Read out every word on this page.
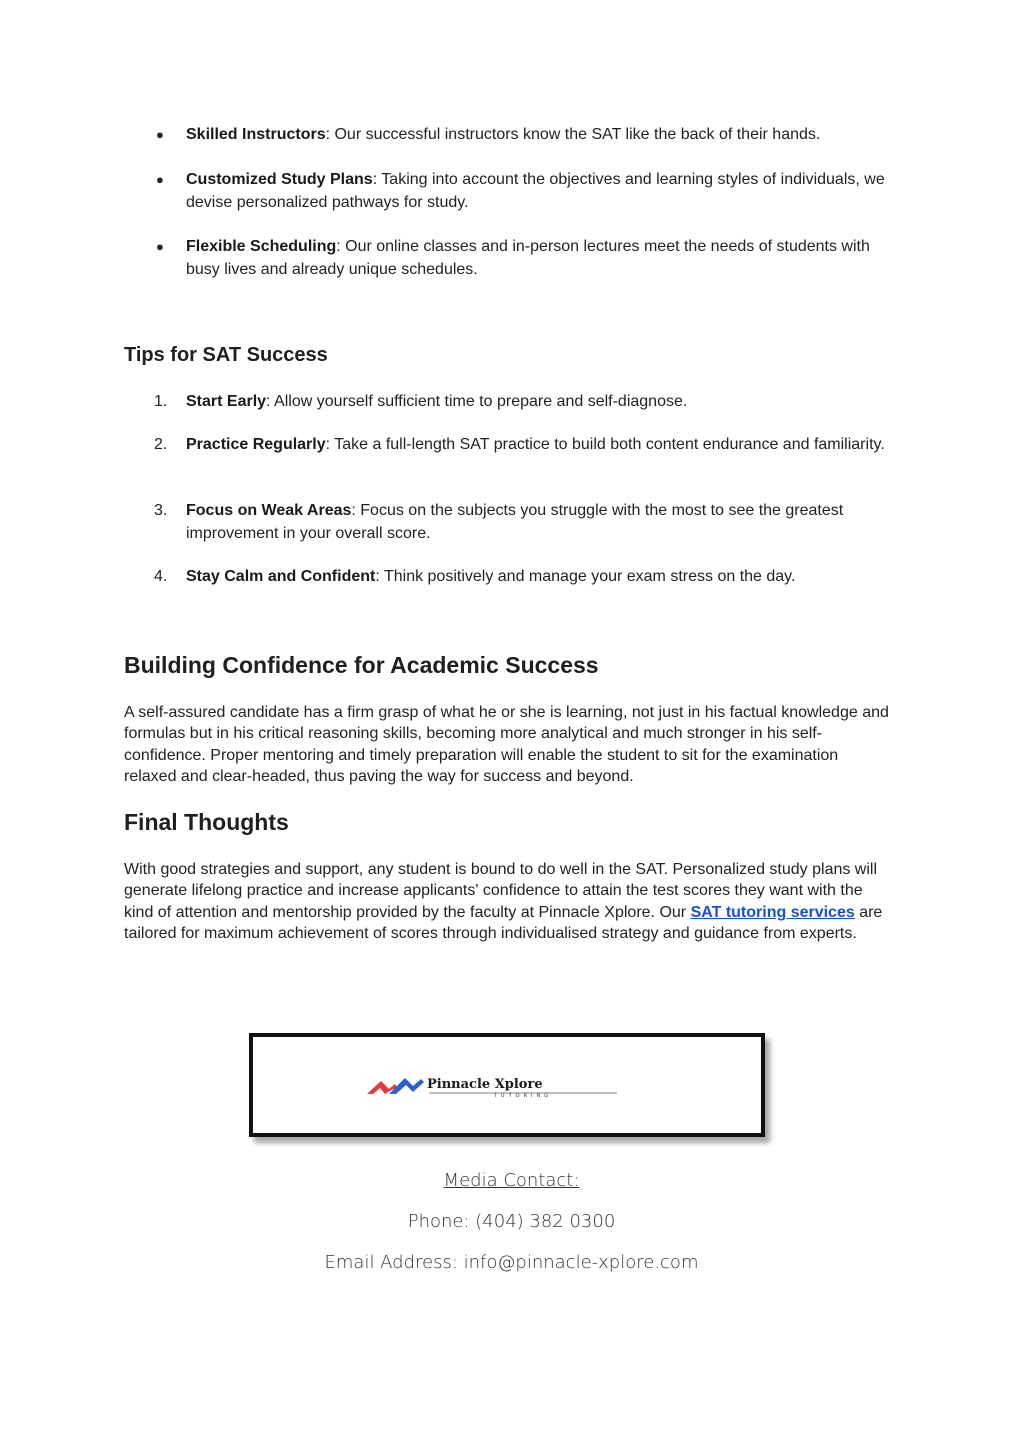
● Skilled Instructors: Our successful instructors know the SAT like the back of their hands.
● Customized Study Plans: Taking into account the objectives and learning styles of individuals, we devise personalized pathways for study.
● Flexible Scheduling: Our online classes and in-person lectures meet the needs of students with busy lives and already unique schedules.
Tips for SAT Success
1. Start Early: Allow yourself sufficient time to prepare and self-diagnose.
2. Practice Regularly: Take a full-length SAT practice to build both content endurance and familiarity.
3. Focus on Weak Areas: Focus on the subjects you struggle with the most to see the greatest improvement in your overall score.
4. Stay Calm and Confident: Think positively and manage your exam stress on the day.
Building Confidence for Academic Success
A self-assured candidate has a firm grasp of what he or she is learning, not just in his factual knowledge and formulas but in his critical reasoning skills, becoming more analytical and much stronger in his self-confidence. Proper mentoring and timely preparation will enable the student to sit for the examination relaxed and clear-headed, thus paving the way for success and beyond.
Final Thoughts
With good strategies and support, any student is bound to do well in the SAT. Personalized study plans will generate lifelong practice and increase applicants' confidence to attain the test scores they want with the kind of attention and mentorship provided by the faculty at Pinnacle Xplore. Our SAT tutoring services are tailored for maximum achievement of scores through individualised strategy and guidance from experts.
Pinnacle Xplore
TUTORING
Media Contact:
Phone: (404) 382 0300
Email Address: info@pinnacle-xplore.com
